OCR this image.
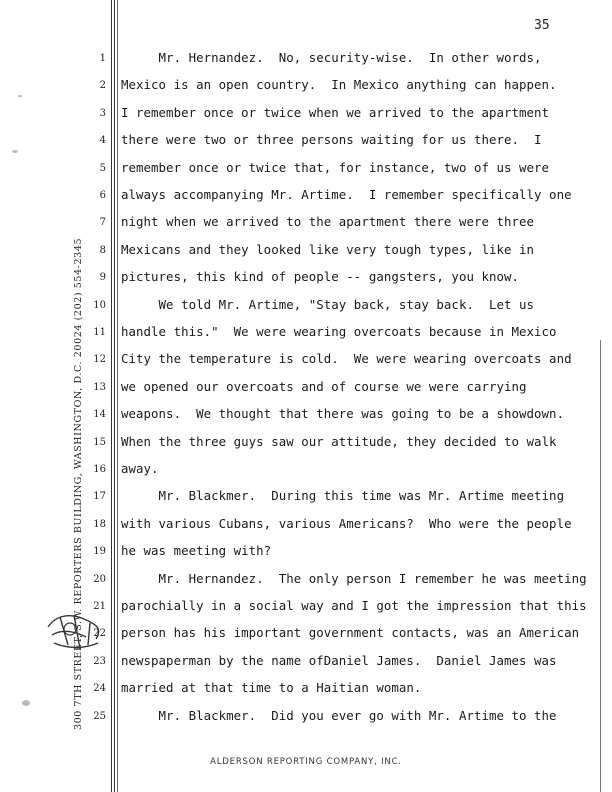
35
300 7TH STREET, S.W. REPORTERS BUILDING, WASHINGTON, D.C. 20024 (202) 554-2345
1 Mr. Hernandez.  No, security-wise.  In other words,
2 Mexico is an open country.  In Mexico anything can happen.
3 I remember once or twice when we arrived to the apartment
4 there were two or three persons waiting for us there.  I
5 remember once or twice that, for instance, two of us were
6 always accompanying Mr. Artime.  I remember specifically one
7 night when we arrived to the apartment there were three
8 Mexicans and they looked like very tough types, like in
9 pictures, this kind of people -- gangsters, you know.
10 We told Mr. Artime, "Stay back, stay back.  Let us
11 handle this."  We were wearing overcoats because in Mexico
12 City the temperature is cold.  We were wearing overcoats and
13 we opened our overcoats and of course we were carrying
14 weapons.  We thought that there was going to be a showdown.
15 When the three guys saw our attitude, they decided to walk
16 away.
17 Mr. Blackmer.  During this time was Mr. Artime meeting
18 with various Cubans, various Americans?  Who were the people
19 he was meeting with?
20 Mr. Hernandez.  The only person I remember he was meeting
21 parochially in a social way and I got the impression that this
22 person has his important government contacts, was an American
23 newspaperman by the name ofDaniel James.  Daniel James was
24 married at that time to a Haitian woman.
25 Mr. Blackmer.  Did you ever go with Mr. Artime to the
ALDERSON REPORTING COMPANY, INC.
